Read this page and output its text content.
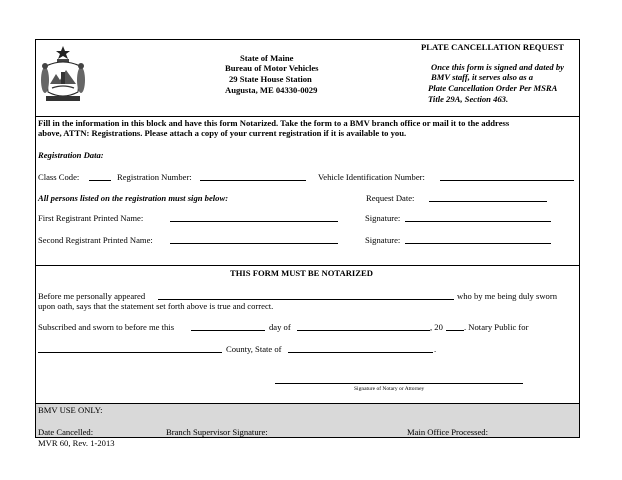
State of Maine
Bureau of Motor Vehicles
29 State House Station
Augusta, ME 04330-0029
PLATE CANCELLATION REQUEST
Once this form is signed and dated by
BMV staff, it serves also as a
Plate Cancellation Order Per MSRA
Title 29A, Section 463.
Fill in the information in this block and have this form Notarized. Take the form to a BMV branch office or mail it to the address
above, ATTN: Registrations. Please attach a copy of your current registration if it is available to you.
Registration Data:
Class Code:	Registration Number:	Vehicle Identification Number:
All persons listed on the registration must sign below:	Request Date:
First Registrant Printed Name:	Signature:
Second Registrant Printed Name:	Signature:
THIS FORM MUST BE NOTARIZED
Before me personally appeared	who by me being duly sworn
upon oath, says that the statement set forth above is true and correct.
Subscribed and sworn to before me this	day of	, 20 . Notary Public for
County, State of	.
Signature of Notary or Attorney
BMV USE ONLY:
Date Cancelled:	Branch Supervisor Signature:	Main Office Processed:
MVR 60, Rev. 1-2013
